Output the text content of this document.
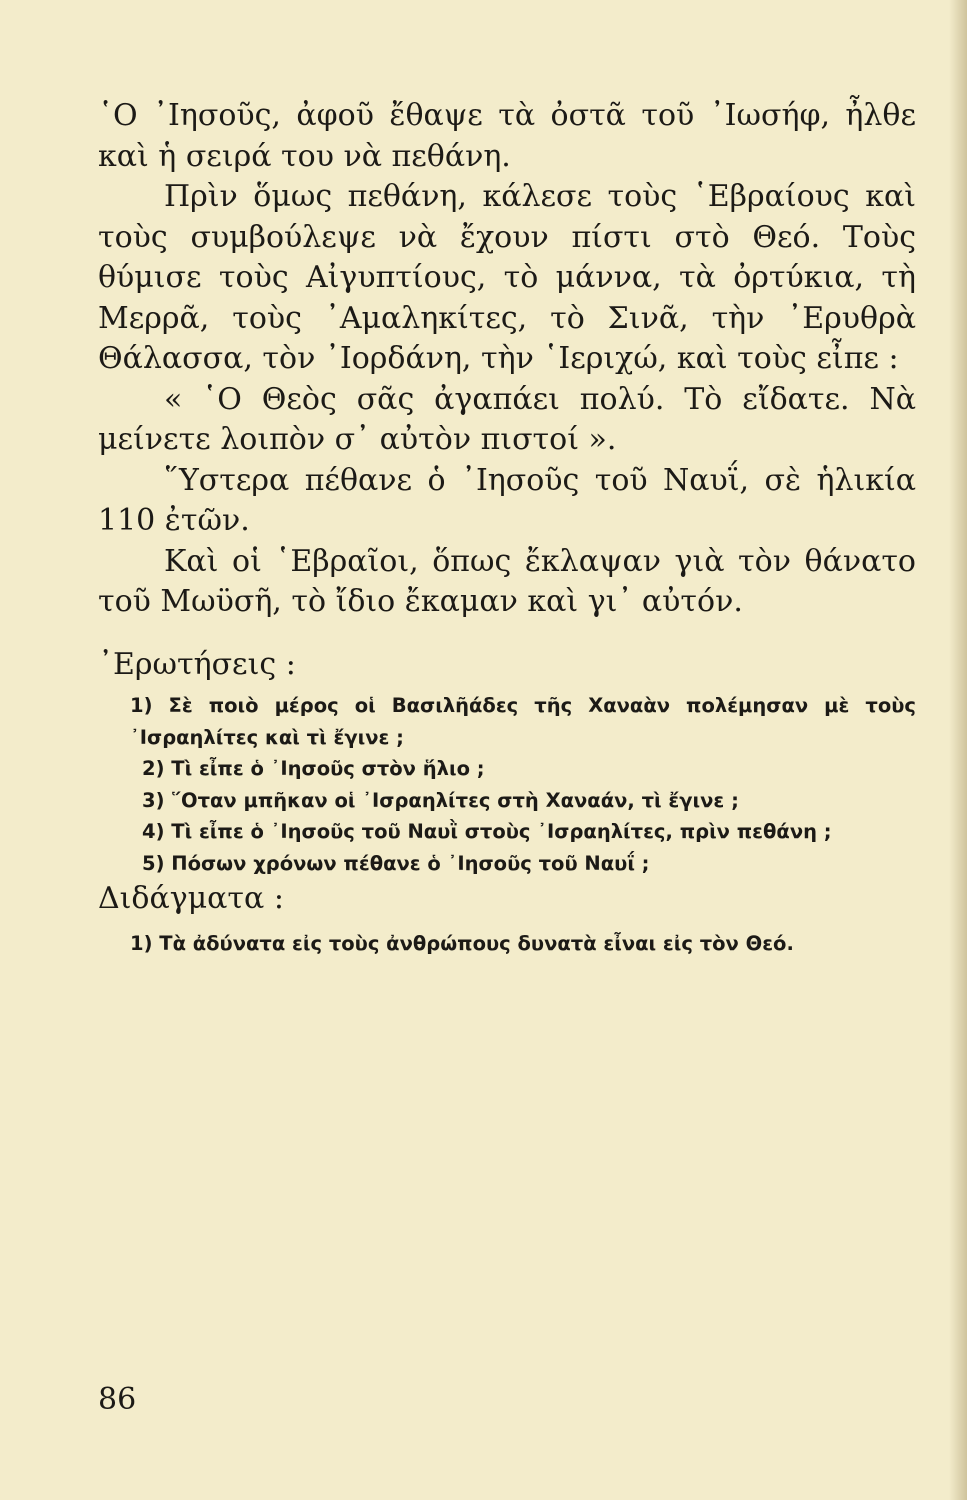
῾Ο ᾿Ιησοῦς, ἀφοῦ ἔθαψε τὰ ὀστᾶ τοῦ ᾿Ιωσήφ, ἦλθε καὶ ἡ σειρά του νὰ πεθάνη.

Πρὶν ὅμως πεθάνη, κάλεσε τοὺς ῾Εβραίους καὶ τοὺς συμβούλεψε νὰ ἔχουν πίστι στὸ Θεό. Τοὺς θύμισε τοὺς Αἰγυπτίους, τὸ μάννα, τὰ ὀρτύκια, τὴ Μερρᾶ, τοὺς ᾿Αμαληκίτες, τὸ Σινᾶ, τὴν ᾿Ερυθρὰ Θάλασσα, τὸν ᾿Ιορδάνη, τὴν ῾Ιεριχώ, καὶ τοὺς εἶπε :

« ῾Ο Θεὸς σᾶς ἀγαπάει πολύ. Τὸ εἴδατε. Νὰ μείνετε λοιπὸν σ᾿ αὐτὸν πιστοί ».

῞Υστερα πέθανε ὁ ᾿Ιησοῦς τοῦ Ναυΐ, σὲ ἡλικία 110 ἐτῶν.

Καὶ οἱ ῾Εβραῖοι, ὅπως ἔκλαψαν γιὰ τὸν θάνατο τοῦ Μωϋσῆ, τὸ ἴδιο ἔκαμαν καὶ γι᾿ αὐτόν.

᾿Ερωτήσεις :

1) Σὲ ποιὸ μέρος οἱ Βασιλῆάδες τῆς Χαναὰν πολέμησαν μὲ τοὺς ᾿Ισραηλίτες καὶ τὶ ἔγινε ;

2) Τὶ εἶπε ὁ ᾿Ιησοῦς στὸν ἥλιο ;

3) ῞Οταν μπῆκαν οἱ ᾿Ισραηλίτες στὴ Χαναάν, τὶ ἔγινε ;

4) Τὶ εἶπε ὁ ᾿Ιησοῦς τοῦ Ναυῒ στοὺς ᾿Ισραηλίτες, πρὶν πεθάνη ;

5) Πόσων χρόνων πέθανε ὁ ᾿Ιησοῦς τοῦ Ναυΐ ;

Διδάγματα :

1) Τὰ ἀδύνατα εἰς τοὺς ἀνθρώπους δυνατὰ εἶναι εἰς τὸν Θεό.

86
